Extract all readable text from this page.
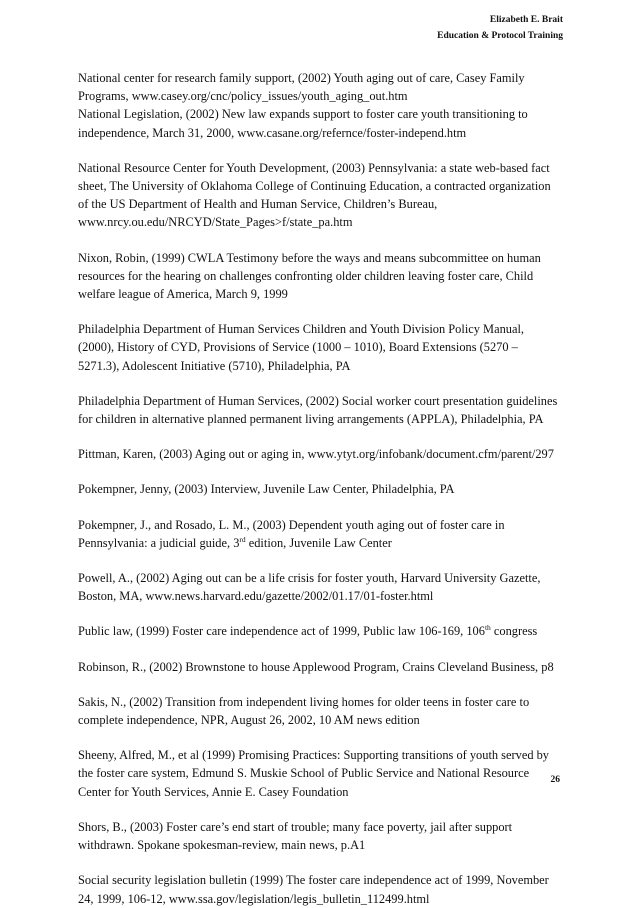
Elizabeth E. Brait
Education & Protocol Training

National center for research family support, (2002) Youth aging out of care, Casey Family
Programs, www.casey.org/cnc/policy_issues/youth_aging_out.htm

National Legislation, (2002) New law expands support to foster care youth transitioning to
independence, March 31, 2000, www.casane.org/refernce/foster-independ.htm

National Resource Center for Youth Development, (2003) Pennsylvania: a state web-based fact
sheet, The University of Oklahoma College of Continuing Education, a contracted organization
of the US Department of Health and Human Service, Children’s Bureau,
www.nrcy.ou.edu/NRCYD/State_Pages>f/state_pa.htm

Nixon, Robin, (1999) CWLA Testimony before the ways and means subcommittee on human
resources for the hearing on challenges confronting older children leaving foster care, Child
welfare league of America, March 9, 1999

Philadelphia Department of Human Services Children and Youth Division Policy Manual,
(2000), History of CYD, Provisions of Service (1000 – 1010), Board Extensions (5270 –
5271.3), Adolescent Initiative (5710), Philadelphia, PA

Philadelphia Department of Human Services, (2002) Social worker court presentation guidelines
for children in alternative planned permanent living arrangements (APPLA), Philadelphia, PA

Pittman, Karen, (2003) Aging out or aging in, www.ytyt.org/infobank/document.cfm/parent/297

Pokempner, Jenny, (2003) Interview, Juvenile Law Center, Philadelphia, PA

Pokempner, J., and Rosado, L. M., (2003) Dependent youth aging out of foster care in
Pennsylvania: a judicial guide, 3rd edition, Juvenile Law Center

Powell, A., (2002) Aging out can be a life crisis for foster youth, Harvard University Gazette,
Boston, MA, www.news.harvard.edu/gazette/2002/01.17/01-foster.html

Public law, (1999) Foster care independence act of 1999, Public law 106-169, 106th congress

Robinson, R., (2002) Brownstone to house Applewood Program, Crains Cleveland Business, p8

Sakis, N., (2002) Transition from independent living homes for older teens in foster care to
complete independence, NPR, August 26, 2002, 10 AM news edition

Sheeny, Alfred, M., et al (1999) Promising Practices: Supporting transitions of youth served by
the foster care system, Edmund S. Muskie School of Public Service and National Resource
Center for Youth Services, Annie E. Casey Foundation

Shors, B., (2003) Foster care’s end start of trouble; many face poverty, jail after support
withdrawn. Spokane spokesman-review, main news, p.A1

Social security legislation bulletin (1999) The foster care independence act of 1999, November
24, 1999, 106-12, www.ssa.gov/legislation/legis_bulletin_112499.html

26
